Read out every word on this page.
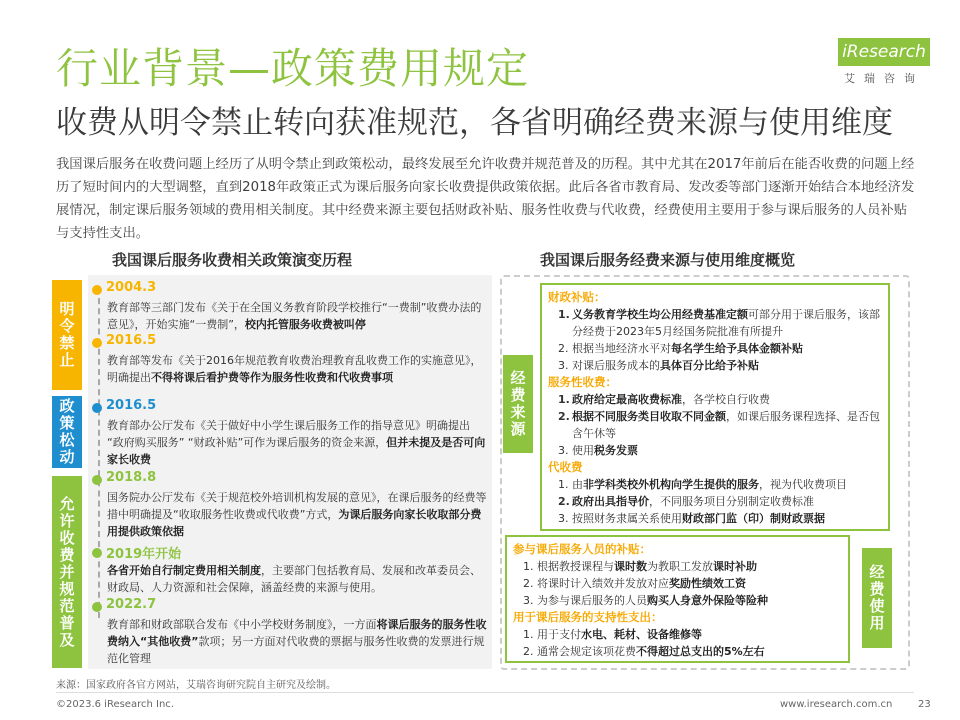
行业背景—政策费用规定
收费从明令禁止转向获准规范，各省明确经费来源与使用维度
iResearch
艾瑞咨询
我国课后服务在收费问题上经历了从明令禁止到政策松动，最终发展至允许收费并规范普及的历程。其中尤其在2017年前后在能否收费的问题上经历了短时间内的大型调整，直到2018年政策正式为课后服务向家长收费提供政策依据。此后各省市教育局、发改委等部门逐渐开始结合本地经济发展情况，制定课后服务领域的费用相关制度。其中经费来源主要包括财政补贴、服务性收费与代收费，经费使用主要用于参与课后服务的人员补贴与支持性支出。
我国课后服务收费相关政策演变历程	我国课后服务经费来源与使用维度概览
明令禁止
政策松动
允许收费并规范普及
2004.3
教育部等三部门发布《关于在全国义务教育阶段学校推行“一费制”收费办法的意见》，开始实施“一费制”，校内托管服务收费被叫停
2016.5
教育部等发布《关于2016年规范教育收费治理教育乱收费工作的实施意见》，明确提出不得将课后看护费等作为服务性收费和代收费事项
2016.5
教育部办公厅发布《关于做好中小学生课后服务工作的指导意见》明确提出 “政府购买服务” “财政补贴”可作为课后服务的资金来源，但并未提及是否可向家长收费
2018.8
国务院办公厅发布《关于规范校外培训机构发展的意见》，在课后服务的经费等措中明确提及“收取服务性收费或代收费”方式，为课后服务向家长收取部分费用提供政策依据
2019年开始
各省开始自行制定费用相关制度，主要部门包括教育局、发展和改革委员会、财政局、人力资源和社会保障，涵盖经费的来源与使用。
2022.7
教育部和财政部联合发布《中小学校财务制度》，一方面将课后服务的服务性收费纳入“其他收费”款项；另一方面对代收费的票据与服务性收费的发票进行规范化管理
经费来源
财政补贴：
1. 义务教育学校生均公用经费基准定额可部分用于课后服务，该部分经费于2023年5月经国务院批准有所提升
2. 根据当地经济水平对每名学生给予具体金额补贴
3. 对课后服务成本的具体百分比给予补贴
服务性收费：
1. 政府给定最高收费标准，各学校自行收费
2. 根据不同服务类目收取不同金额，如课后服务课程选择、是否包含午休等
3. 使用税务发票
代收费
1. 由非学科类校外机构向学生提供的服务，视为代收费项目
2. 政府出具指导价，不同服务项目分别制定收费标准
3. 按照财务隶属关系使用财政部门监（印）制财政票据
参与课后服务人员的补贴：
1. 根据教授课程与课时数为教职工发放课时补助
2. 将课时计入绩效并发放对应奖励性绩效工资
3. 为参与课后服务的人员购买人身意外保险等险种
用于课后服务的支持性支出：
1. 用于支付水电、耗材、设备维修等
2. 通常会规定该项花费不得超过总支出的5%左右
经费使用
来源：国家政府各官方网站，艾瑞咨询研究院自主研究及绘制。
©2023.6 iResearch Inc.	www.iresearch.com.cn	23
